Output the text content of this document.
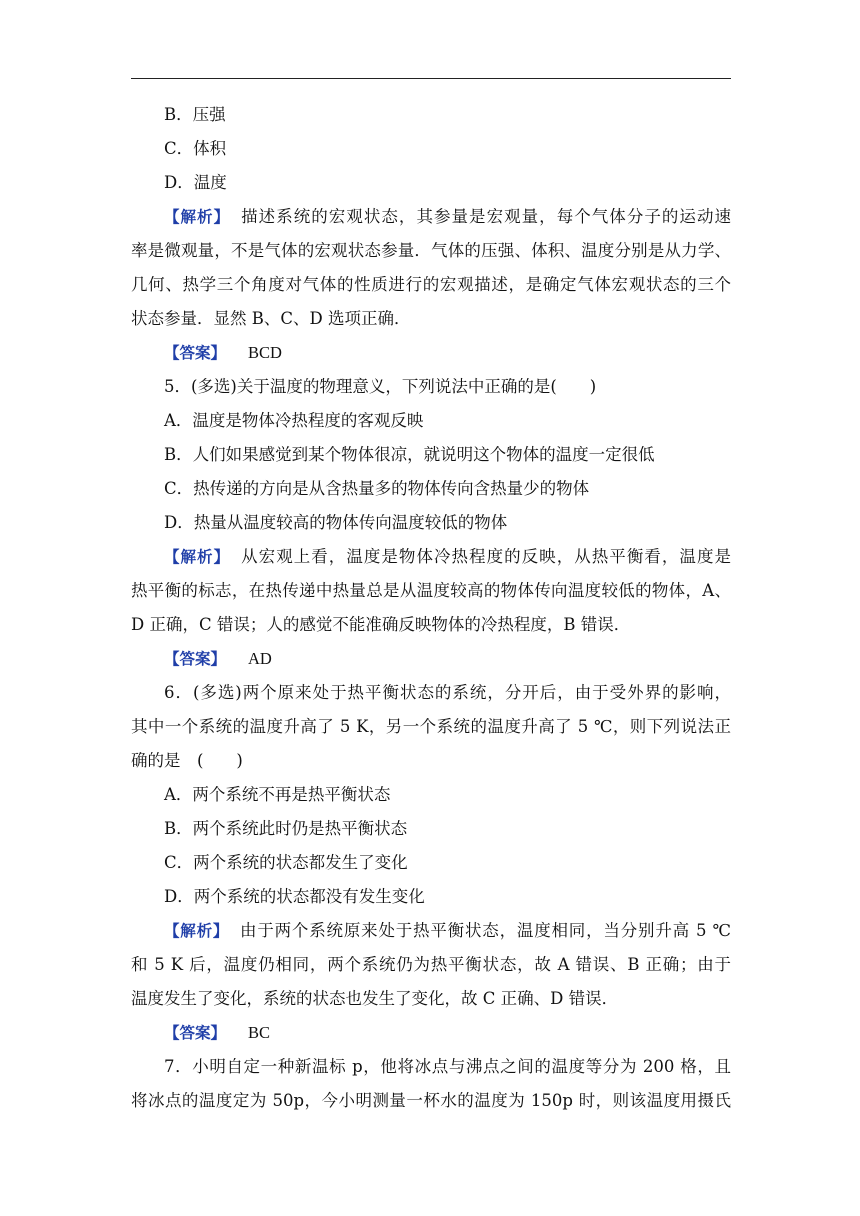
B．压强
C．体积
D．温度
【解析】 描述系统的宏观状态，其参量是宏观量，每个气体分子的运动速
率是微观量，不是气体的宏观状态参量．气体的压强、体积、温度分别是从力学、
几何、热学三个角度对气体的性质进行的宏观描述，是确定气体宏观状态的三个
状态参量．显然 B、C、D 选项正确．
【答案】 BCD
5．(多选)关于温度的物理意义，下列说法中正确的是(　　)
A．温度是物体冷热程度的客观反映
B．人们如果感觉到某个物体很凉，就说明这个物体的温度一定很低
C．热传递的方向是从含热量多的物体传向含热量少的物体
D．热量从温度较高的物体传向温度较低的物体
【解析】 从宏观上看，温度是物体冷热程度的反映，从热平衡看，温度是
热平衡的标志，在热传递中热量总是从温度较高的物体传向温度较低的物体，A、
D 正确，C 错误；人的感觉不能准确反映物体的冷热程度，B 错误．
【答案】 AD
6．(多选)两个原来处于热平衡状态的系统，分开后，由于受外界的影响，
其中一个系统的温度升高了 5 K，另一个系统的温度升高了 5 ℃，则下列说法正
确的是　(　　)
A．两个系统不再是热平衡状态
B．两个系统此时仍是热平衡状态
C．两个系统的状态都发生了变化
D．两个系统的状态都没有发生变化
【解析】 由于两个系统原来处于热平衡状态，温度相同，当分别升高 5 ℃
和 5 K 后，温度仍相同，两个系统仍为热平衡状态，故 A 错误、B 正确；由于
温度发生了变化，系统的状态也发生了变化，故 C 正确、D 错误．
【答案】 BC
7．小明自定一种新温标 p，他将冰点与沸点之间的温度等分为 200 格，且
将冰点的温度定为 50p，今小明测量一杯水的温度为 150p 时，则该温度用摄氏
